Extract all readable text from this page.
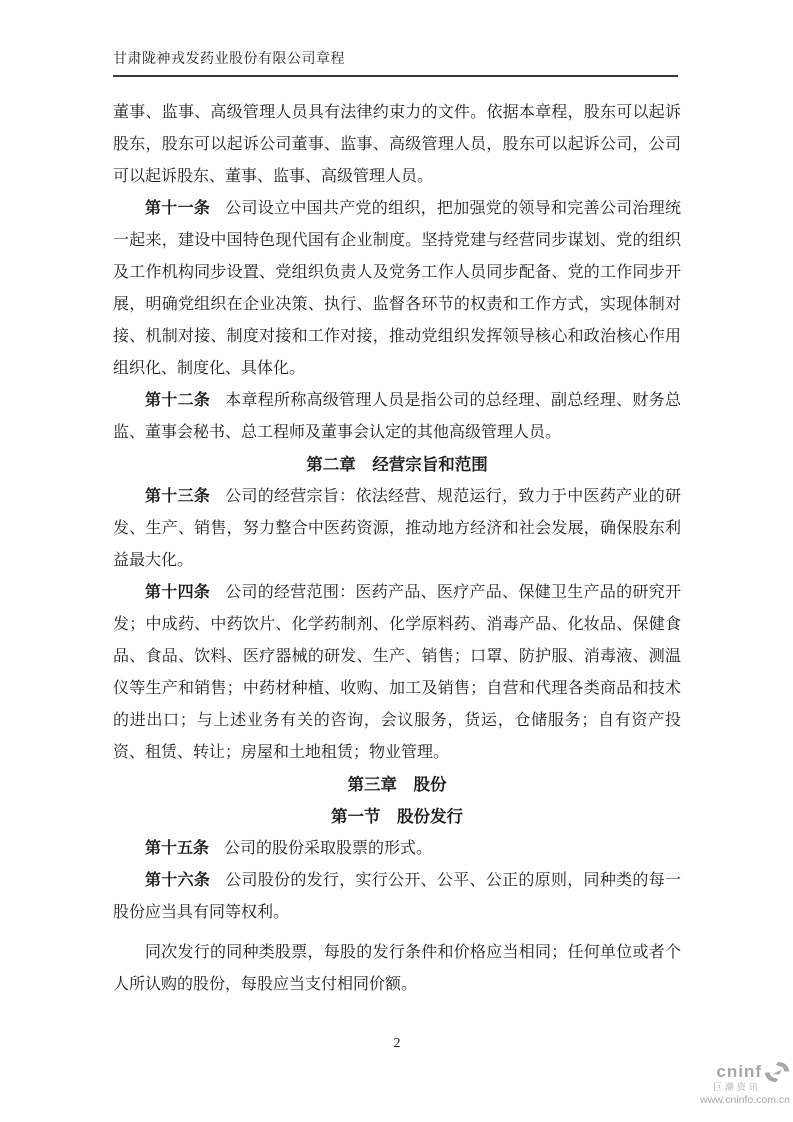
甘肃陇神戎发药业股份有限公司章程

董事、监事、高级管理人员具有法律约束力的文件。依据本章程，股东可以起诉股东，股东可以起诉公司董事、监事、高级管理人员，股东可以起诉公司，公司可以起诉股东、董事、监事、高级管理人员。

第十一条 公司设立中国共产党的组织，把加强党的领导和完善公司治理统一起来，建设中国特色现代国有企业制度。坚持党建与经营同步谋划、党的组织及工作机构同步设置、党组织负责人及党务工作人员同步配备、党的工作同步开展，明确党组织在企业决策、执行、监督各环节的权责和工作方式，实现体制对接、机制对接、制度对接和工作对接，推动党组织发挥领导核心和政治核心作用组织化、制度化、具体化。

第十二条 本章程所称高级管理人员是指公司的总经理、副总经理、财务总监、董事会秘书、总工程师及董事会认定的其他高级管理人员。

第二章　经营宗旨和范围

第十三条 公司的经营宗旨：依法经营、规范运行，致力于中医药产业的研发、生产、销售，努力整合中医药资源，推动地方经济和社会发展，确保股东利益最大化。

第十四条 公司的经营范围：医药产品、医疗产品、保健卫生产品的研究开发；中成药、中药饮片、化学药制剂、化学原料药、消毒产品、化妆品、保健食品、食品、饮料、医疗器械的研发、生产、销售；口罩、防护服、消毒液、测温仪等生产和销售；中药材种植、收购、加工及销售；自营和代理各类商品和技术的进出口；与上述业务有关的咨询，会议服务，货运，仓储服务；自有资产投资、租赁、转让；房屋和土地租赁；物业管理。

第三章　股份

第一节　股份发行

第十五条 公司的股份采取股票的形式。

第十六条 公司股份的发行，实行公开、公平、公正的原则，同种类的每一股份应当具有同等权利。

同次发行的同种类股票，每股的发行条件和价格应当相同；任何单位或者个人所认购的股份，每股应当支付相同价额。

2
cninf
巨潮资讯
www.cninfo.com.cn
